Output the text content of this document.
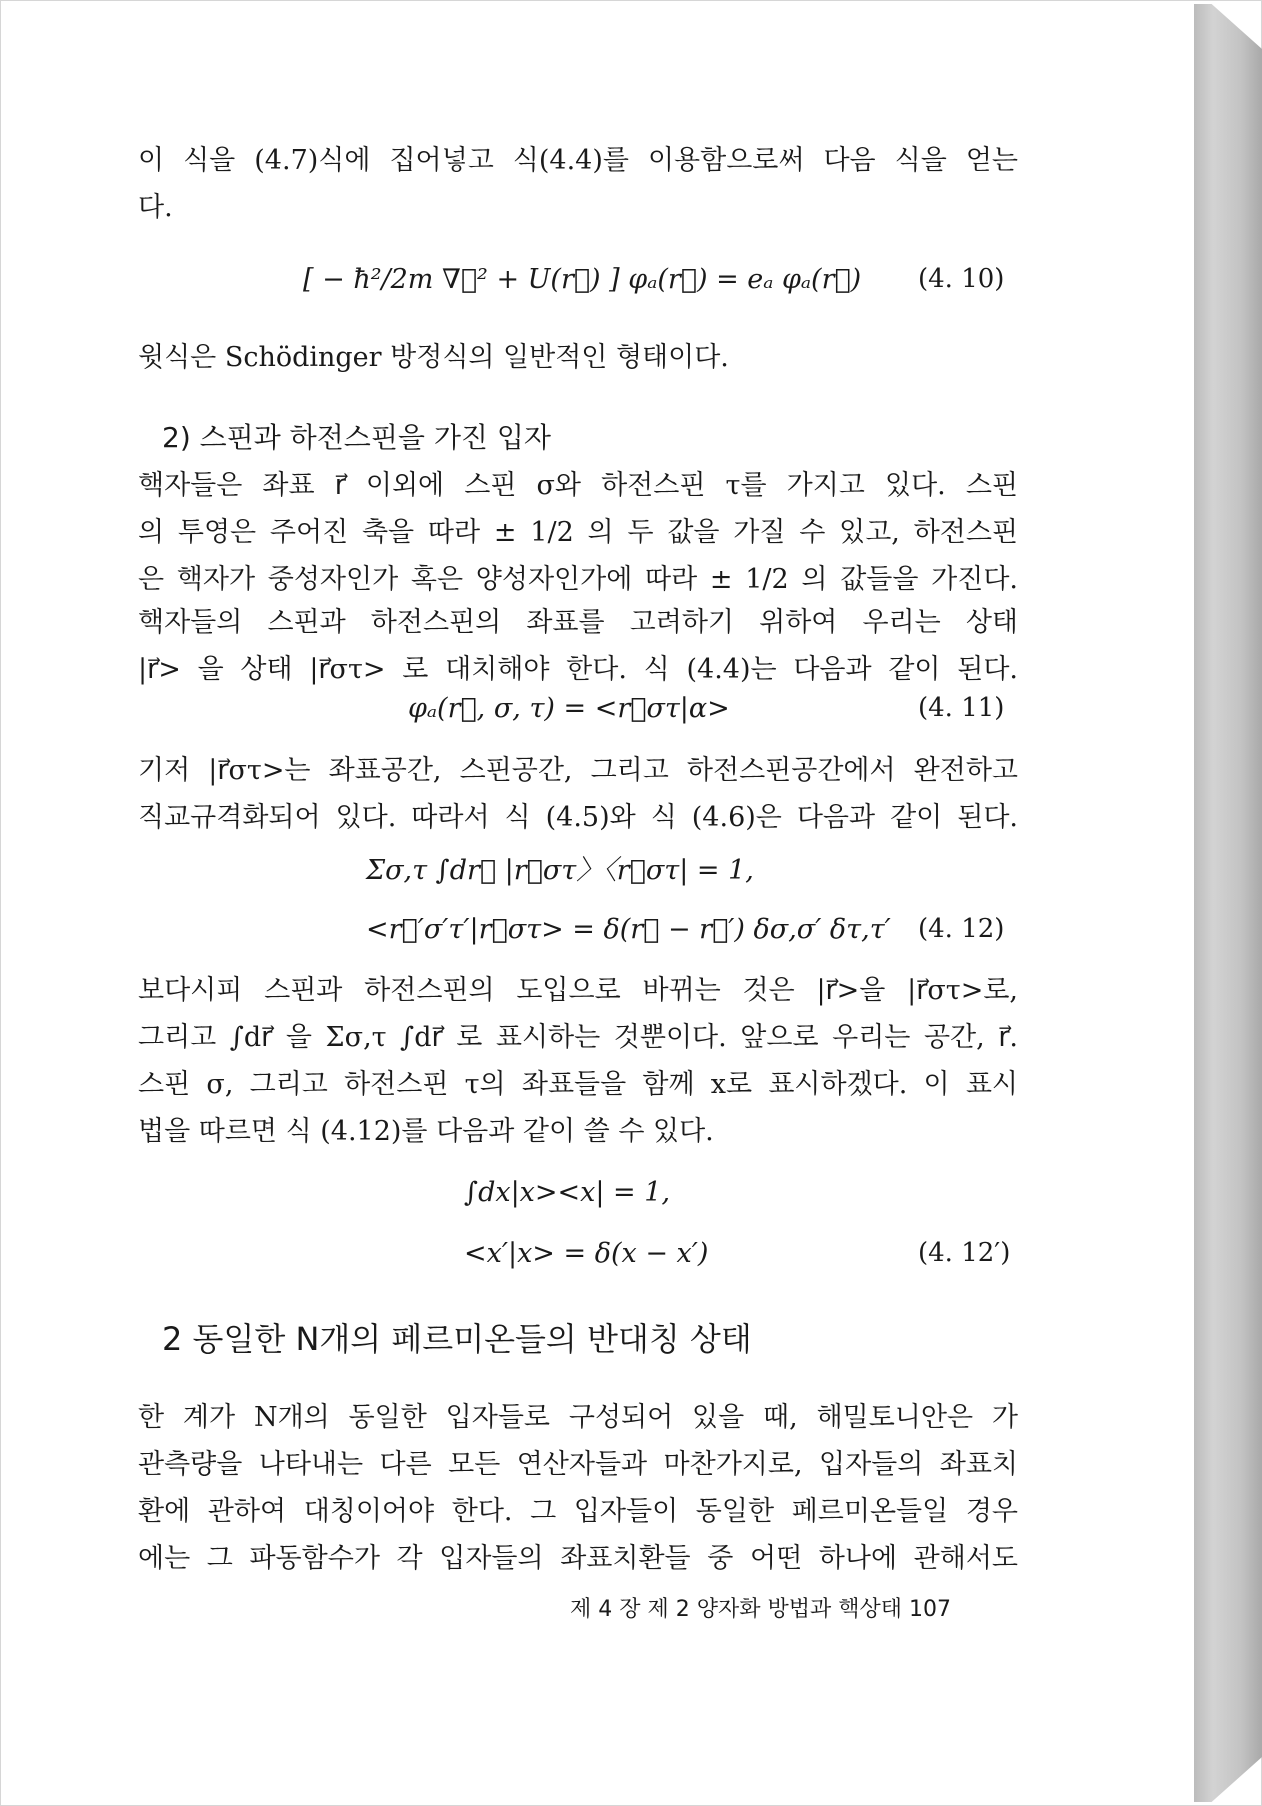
이 식을 (4.7)식에 집어넣고 식(4.4)를 이용함으로써 다음 식을 얻는
다.
[ − ħ²/2m ∇⃗² + U(r⃗) ] φₐ(r⃗) = eₐ φₐ(r⃗) (4. 10)
윗식은 Schödinger 방정식의 일반적인 형태이다.
2) 스핀과 하전스핀을 가진 입자
핵자들은 좌표 r⃗ 이외에 스핀 σ와 하전스핀 τ를 가지고 있다. 스핀
의 투영은 주어진 축을 따라 ± 1/2 의 두 값을 가질 수 있고, 하전스핀
은 핵자가 중성자인가 혹은 양성자인가에 따라 ± 1/2 의 값들을 가진다.
핵자들의 스핀과 하전스핀의 좌표를 고려하기 위하여 우리는 상태
|r⃗> 을 상태 |r⃗στ> 로 대치해야 한다. 식 (4.4)는 다음과 같이 된다.
φₐ(r⃗, σ, τ) = <r⃗στ|α>	(4. 11)
기저 |r⃗στ>는 좌표공간, 스핀공간, 그리고 하전스핀공간에서 완전하고
직교규격화되어 있다. 따라서 식 (4.5)와 식 (4.6)은 다음과 같이 된다.
Σσ,τ ∫dr⃗ |r⃗στ〉〈r⃗στ| = 1,
<r⃗′σ′τ′|r⃗στ> = δ(r⃗ − r⃗′) δσ,σ′ δτ,τ′ (4. 12)
보다시피 스핀과 하전스핀의 도입으로 바뀌는 것은 |r⃗>을 |r⃗στ>로,
그리고 ∫dr⃗ 을 Σσ,τ ∫dr⃗ 로 표시하는 것뿐이다. 앞으로 우리는 공간, r⃗.
스핀 σ, 그리고 하전스핀 τ의 좌표들을 함께 x로 표시하겠다. 이 표시
법을 따르면 식 (4.12)를 다음과 같이 쓸 수 있다.
∫dx|x><x| = 1,
<x′|x> = δ(x − x′)	(4. 12′)
2 동일한 N개의 페르미온들의 반대칭 상태
한 계가 N개의 동일한 입자들로 구성되어 있을 때, 해밀토니안은 가
관측량을 나타내는 다른 모든 연산자들과 마찬가지로, 입자들의 좌표치
환에 관하여 대칭이어야 한다. 그 입자들이 동일한 페르미온들일 경우
에는 그 파동함수가 각 입자들의 좌표치환들 중 어떤 하나에 관해서도
제 4 장 제 2 양자화 방법과 핵상태 107
